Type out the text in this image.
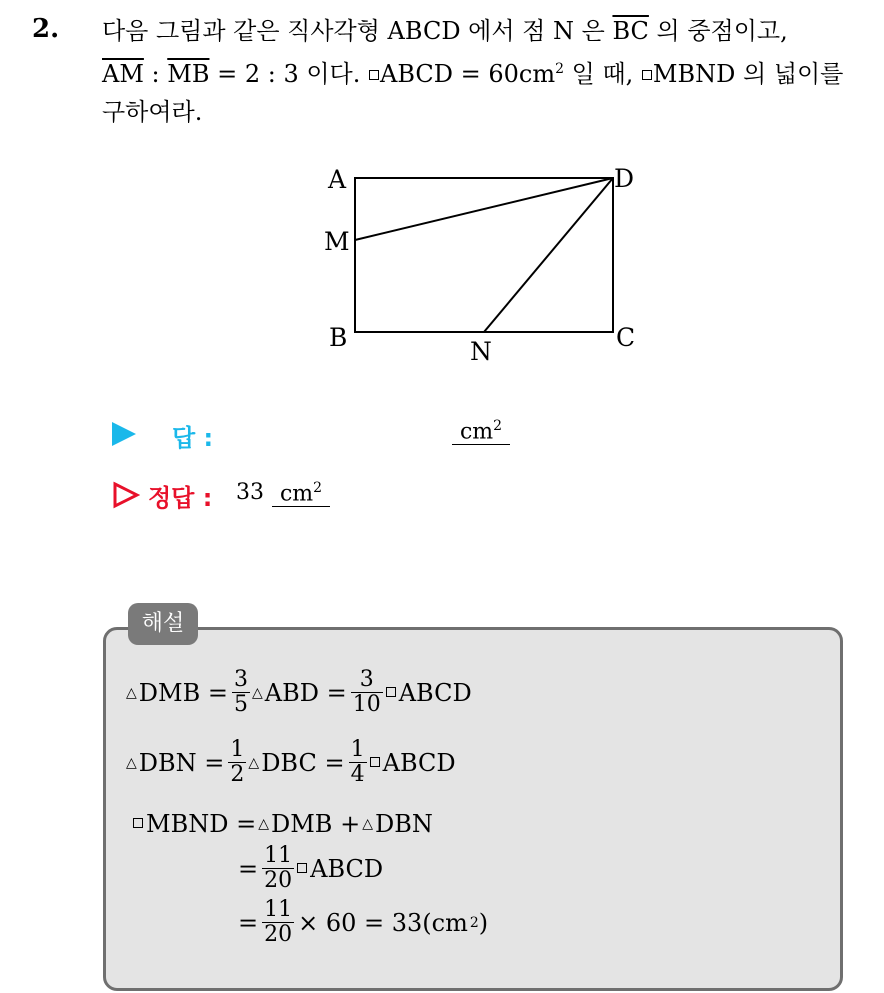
2. 다음 그림과 같은 직사각형 ABCD 에서 점 N 은 $\overline{BC}$ 의 중점이고,
$\overline{AM}$ : $\overline{MB} = 2$ : 3 이다. ABCD = $60cm^2$ 일 때, MBND 의 넓이를
구하여라.

A
M
B	N	C
D
답 :	$cm^2$
정답 : 33 $cm^2$
해설
△ DMB = $\frac{3}{5}$ △ ABD = $\frac{3}{10}$ ABCD
△ DBN = $\frac{1}{2}$ △ DBC = $\frac{1}{4}$ ABCD
MBND = △ DMB + △ DBN
= $\frac{11}{20}$ ABCD
= $\frac{11}{20} \times 60 = 33(cm$ 2 )
